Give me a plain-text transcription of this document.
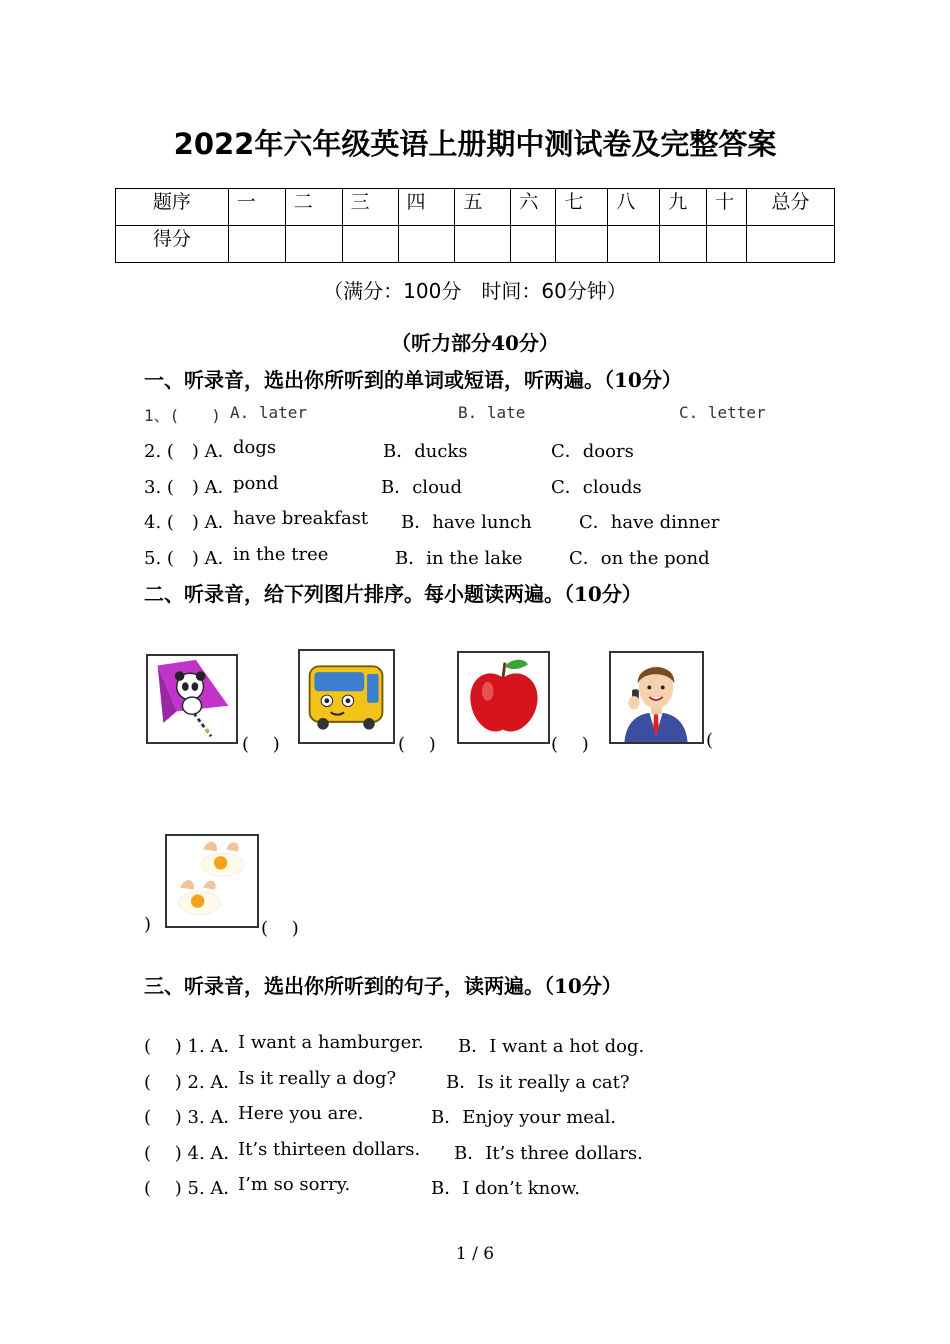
2022年六年级英语上册期中测试卷及完整答案
题序	一	二	三	四	五	六	七	八	九	十	总分
得分											
（满分：100分　时间：60分钟）
（听力部分40分）
一、听录音，选出你所听到的单词或短语，听两遍。（10分）
1、(　　) A. later	B. late	C. letter
2. (　) A．
dogs	B．ducks	C．doors
3. (　) A．
pond	B．cloud	C．clouds
4. (　) A．
have breakfast B．have lunch	C．have dinner
5. (　) A．
in the tree	B．in the lake	C．on the pond
二、听录音，给下列图片排序。每小题读两遍。（10分）
(　 )	(　 )	(　 )	(
)	(　 )
三、听录音，选出你所听到的句子，读两遍。（10分）
(　 ) 1. A．
I want a hamburger. B．I want a hot dog.
(　 ) 2. A．
Is it really a dog?	B．Is it really a cat?
(　 ) 3. A．
Here you are.	B．Enjoy your meal.
(　 ) 4. A．
It’s thirteen dollars. B．It’s three dollars.
(　 ) 5. A．
I’m so sorry.	B．I don’t know.
1 / 6
